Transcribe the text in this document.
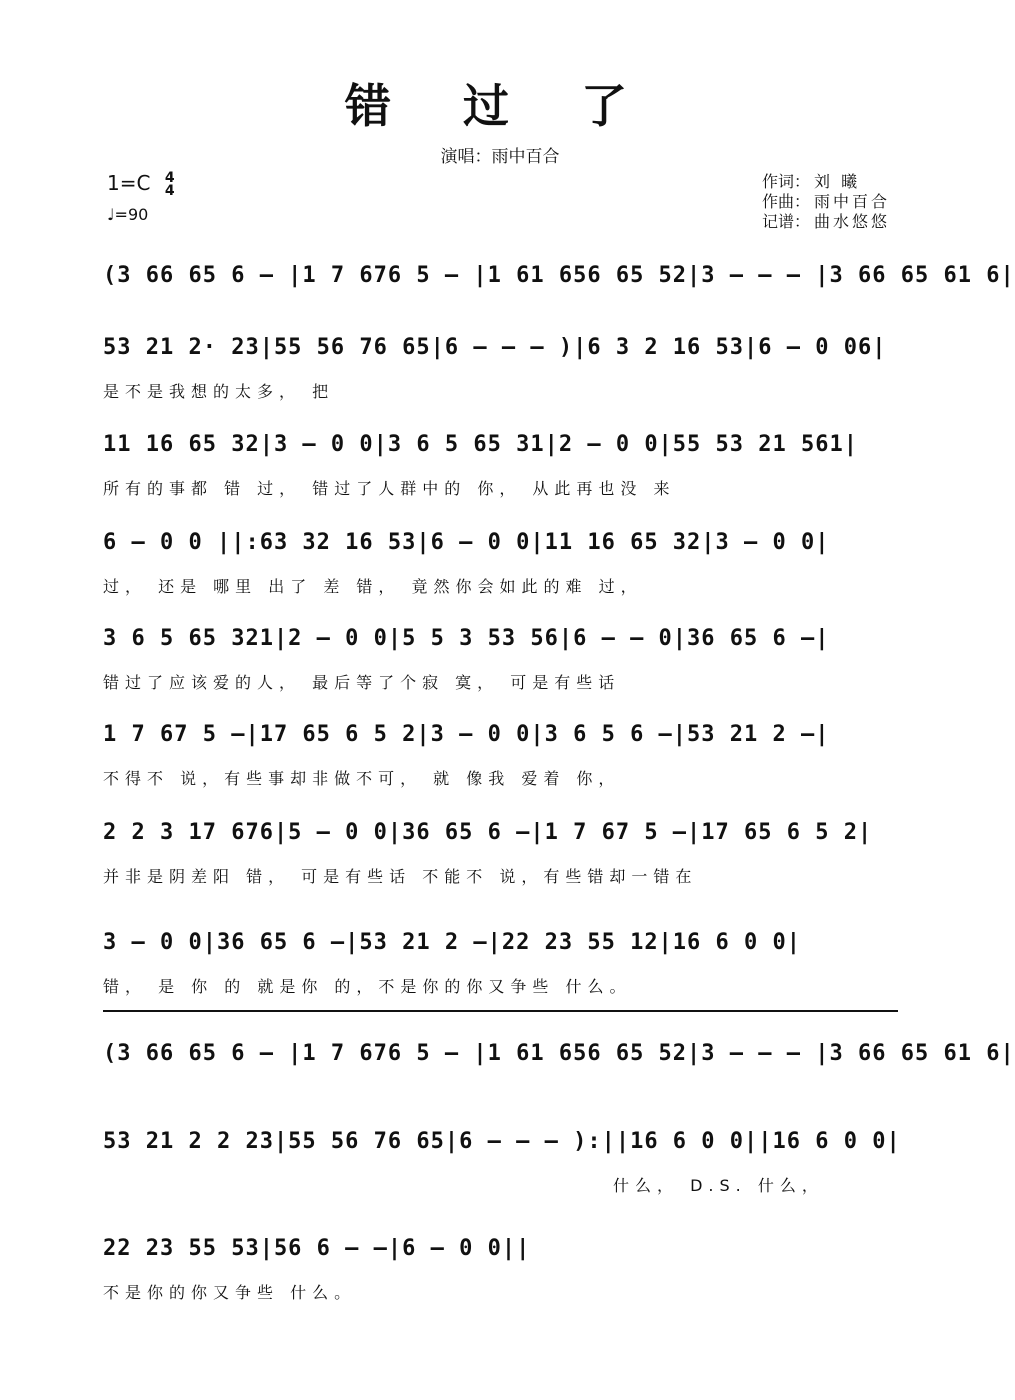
错 过 了
演唱：雨中百合
1=C 4
4
♩=90
作词： 刘 曦
作曲： 雨中百合
记谱： 曲水悠悠
(3 66 65 6 – |1 7 676 5 – |1 61 656 65 52|3 – – – |3 66 65 61 6|
53 21 2· 23|55 56 76 65|6 – – – )|6 3 2 16 53|6 – 0 06|
是不是我想的太多， 把
11 16 65 32|3 – 0 0|3 6 5 65 31|2 – 0 0|55 53 21 561|
所有的事都 错 过， 错过了人群中的 你， 从此再也没 来
6 – 0 0 ||:63 32 16 53|6 – 0 0|11 16 65 32|3 – 0 0|
过， 还是 哪里 出了 差 错， 竟然你会如此的难 过，
3 6 5 65 321|2 – 0 0|5 5 3 53 56|6 – – 0|36 65 6 –|
错过了应该爱的人， 最后等了个寂 寞， 可是有些话
1 7 67 5 –|17 65 6 5 2|3 – 0 0|3 6 5 6 –|53 21 2 –|
不得不 说，有些事却非做不可， 就 像我 爱着 你，
2 2 3 17 676|5 – 0 0|36 65 6 –|1 7 67 5 –|17 65 6 5 2|
并非是阴差阳 错， 可是有些话 不能不 说，有些错却一错在
3 – 0 0|36 65 6 –|53 21 2 –|22 23 55 12|16 6 0 0|
错， 是 你 的 就是你 的，不是你的你又争些 什么。
(3 66 65 6 – |1 7 676 5 – |1 61 656 65 52|3 – – – |3 66 65 61 6|
53 21 2 2 23|55 56 76 65|6 – – – ):||16 6 0 0||16 6 0 0|
什么， D.S. 什么，
22 23 55 53|56 6 – –|6 – 0 0||
不是你的你又争些 什么。
